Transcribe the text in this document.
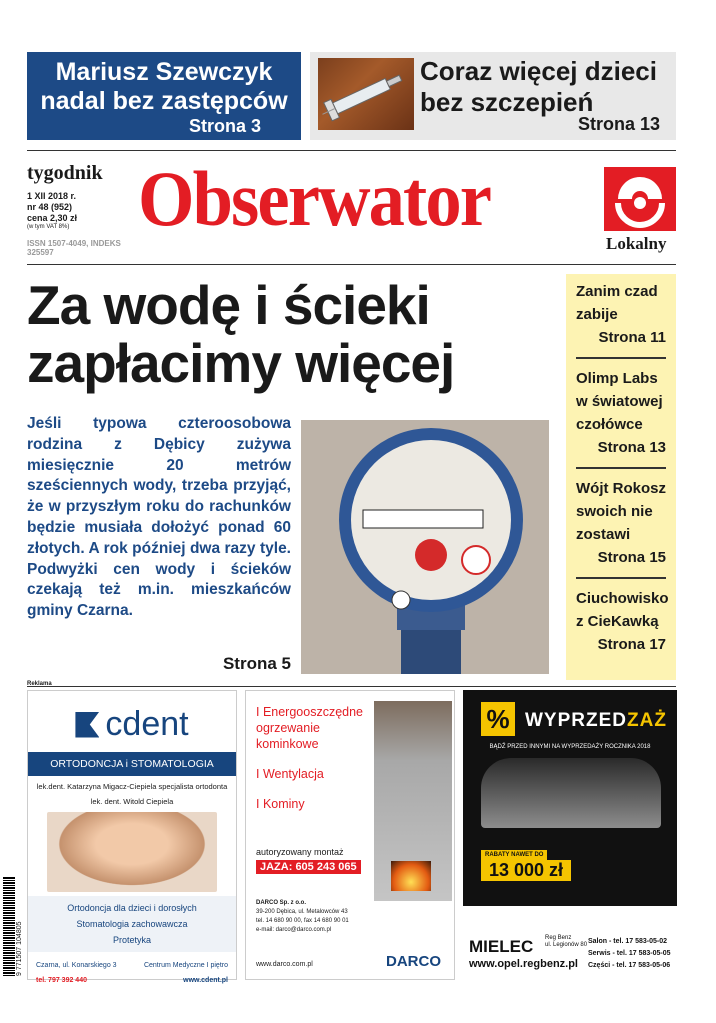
Mariusz Szewczyk nadal bez zastępców
Strona 3
Coraz więcej dzieci bez szczepień
Strona 13
tygodnik
1 XII 2018 r.
nr 48 (952)
cena 2,30 zł
(w tym VAT 8%)
ISSN 1507-4049, INDEKS 325597
Obserwator
Lokalny
Za wodę i ścieki zapłacimy więcej
Jeśli typowa czteroosobowa rodzina z Dębicy zużywa miesięcznie 20 metrów sześciennych wody, trzeba przyjąć, że w przyszłym roku do rachunków będzie musiała dołożyć ponad 60 złotych. A rok później dwa razy tyle. Podwyżki cen wody i ścieków czekają też m.in. mieszkańców gminy Czarna.
Strona 5
Zanim czad zabije
Strona 11
Olimp Labs w światowej czołówce
Strona 13
Wójt Rokosz swoich nie zostawi
Strona 15
Ciuchowisko z CieKawką
Strona 17
Reklama
cdent
ORTODONCJA i STOMATOLOGIA
lek.dent. Katarzyna Migacz-Ciepiela specjalista ortodonta
lek. dent. Witold Ciepiela
Ortodoncja dla dzieci i dorosłych
Stomatologia zachowawcza
Protetyka
Czarna, ul. Konarskiego 3	Centrum Medyczne I piętro
tel. 797 392 440	www.cdent.pl
I Energooszczędne
ogrzewanie
kominkowe
I Wentylacja
I Kominy
autoryzowany montaż
JAZA: 605 243 065
DARCO Sp. z o.o.
39-200 Dębica, ul. Metalowców 43
tel. 14 680 90 00, fax 14 680 90 01
e-mail: darco@darco.com.pl
www.darco.com.pl	DARCO
% WYPRZEDZAŻ
BĄDŹ PRZED INNYMI NA WYPRZEDAŻY ROCZNIKA 2018
RABATY NAWET DO
13 000 zł
MIELEC Reg Benz
ul. Legionów 80
www.opel.regbenz.pl
Salon - tel. 17 583-05-02
Serwis - tel. 17 583-05-05
Części - tel. 17 583-05-06
9 771507 104805
